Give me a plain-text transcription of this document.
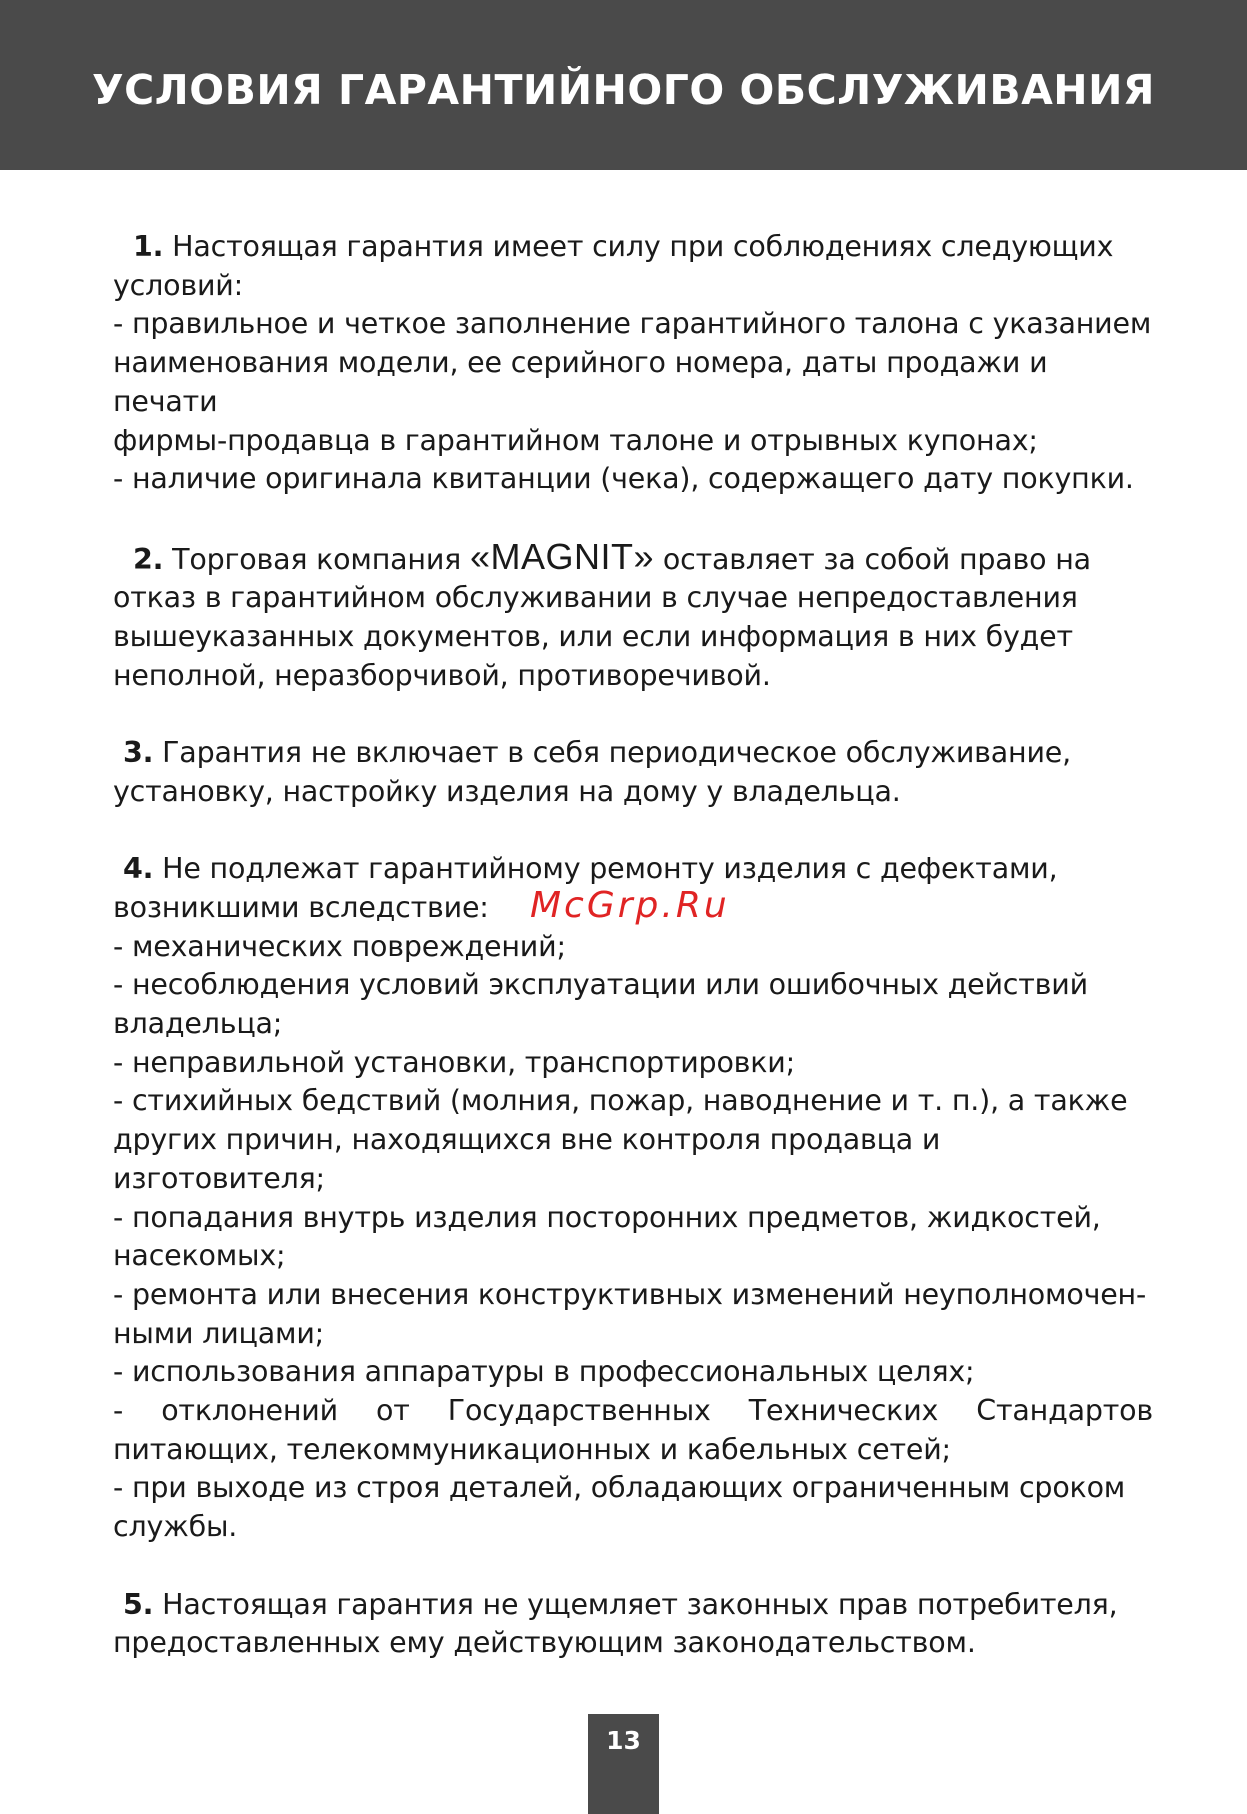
УСЛОВИЯ ГАРАНТИЙНОГО ОБСЛУЖИВАНИЯ

1. Настоящая гарантия имеет силу при соблюдениях следующих

условий:

- правильное и четкое заполнение гарантийного талона с указанием

наименования модели, ее серийного номера, даты продажи и печати

фирмы-продавца в гарантийном талоне и отрывных купонах;

- наличие оригинала квитанции (чека), содержащего дату покупки.

2. Торговая компания «MAGNIT» оставляет за собой право на

отказ в гарантийном обслуживании в случае непредоставления

вышеуказанных документов, или если информация в них будет

неполной, неразборчивой, противоречивой.

3. Гарантия не включает в себя периодическое обслуживание,

установку, настройку изделия на дому у владельца.

4. Не подлежат гарантийному ремонту изделия с дефектами,

возникшими вследствие:

- механических повреждений;

- несоблюдения условий эксплуатации или ошибочных действий

владельца;

- неправильной установки, транспортировки;

- стихийных бедствий (молния, пожар, наводнение и т. п.), а также

других причин, находящихся вне контроля продавца и изготовителя;

- попадания внутрь изделия посторонних предметов, жидкостей,

насекомых;

- ремонта или внесения конструктивных изменений неуполномочен-

ными лицами;

- использования аппаратуры в профессиональных целях;

- отклонений от Государственных Технических Стандартов

питающих, телекоммуникационных и кабельных сетей;

- при выходе из строя деталей, обладающих ограниченным сроком

службы.

5. Настоящая гарантия не ущемляет законных прав потребителя,

предоставленных ему действующим законодательством.

McGrp.Ru
13
